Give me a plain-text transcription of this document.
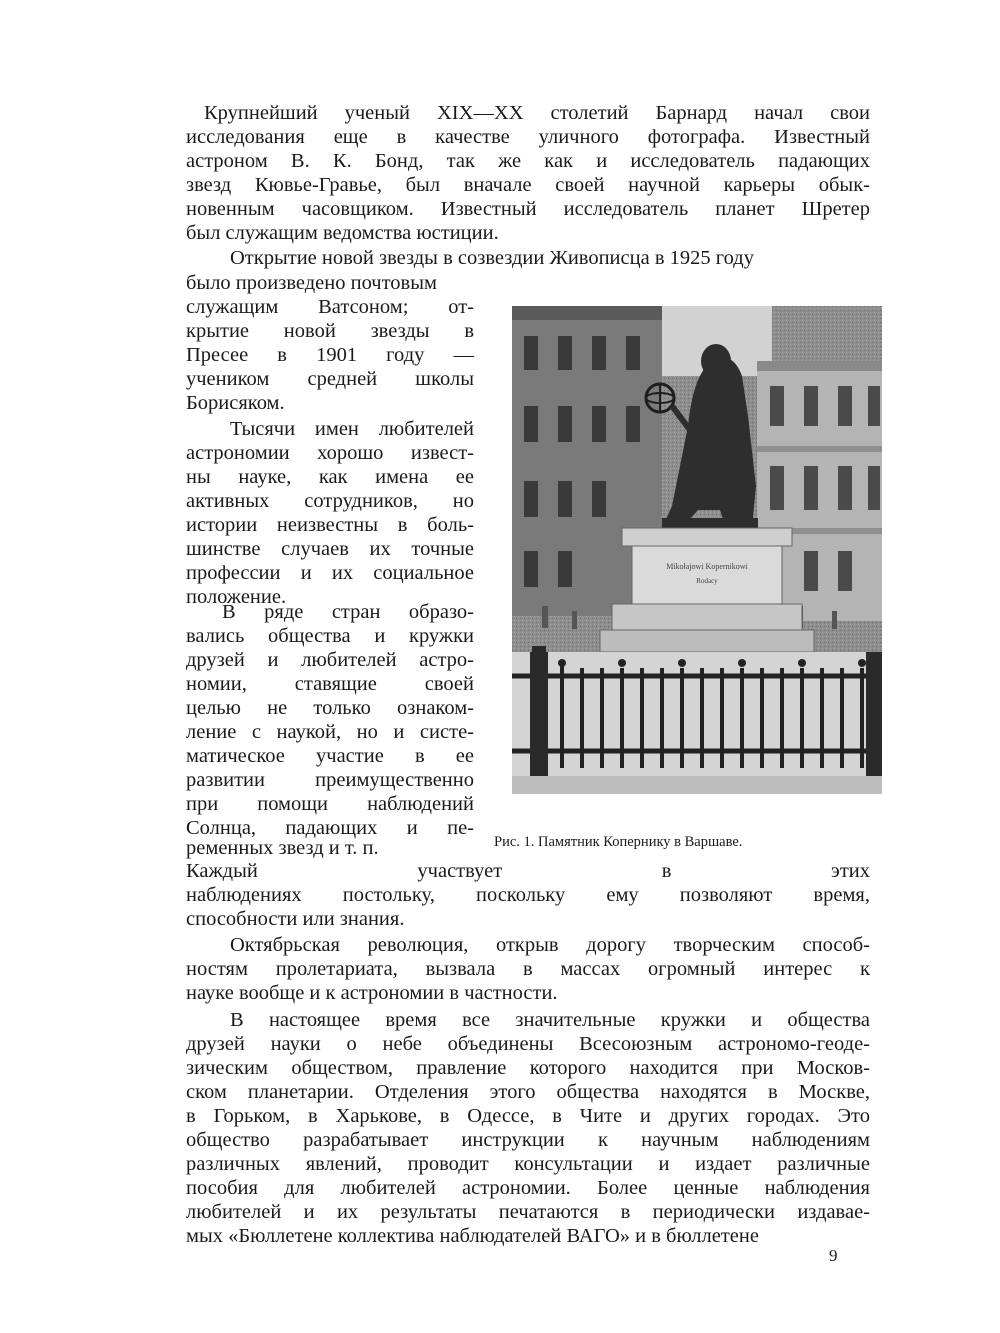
Крупнейший ученый XIX—XX столетий Барнард начал свои
исследования еще в качестве уличного фотографа. Известный
астроном В. К. Бонд, так же как и исследователь падающих
звезд Кювье-Гравье, был вначале своей научной карьеры обык-
новенным часовщиком. Известный исследователь планет Шретер
был служащим ведомства юстиции.
Открытие новой звезды в созвездии Живописца в 1925 году
было произведено почтовым
служащим Ватсоном; от-
крытие новой звезды в
Пресее в 1901 году —
учеником средней школы
Борисяком.
Тысячи имен любителей
астрономии хорошо извест-
ны науке, как имена ее
активных сотрудников, но
истории неизвестны в боль-
шинстве случаев их точные
профессии и их социальное
положение.
В ряде стран образо-
вались общества и кружки
друзей и любителей астро-
номии, ставящие своей
целью не только ознаком-
ление с наукой, но и систе-
матическое участие в ее
развитии преимущественно
при помощи наблюдений
Солнца, падающих и пе-
ременных звезд и т. п.
Каждый участвует в этих
наблюдениях постольку, поскольку ему позволяют время,
способности или знания.
Октябрьская революция, открыв дорогу творческим способ-
ностям пролетариата, вызвала в массах огромный интерес к
науке вообще и к астрономии в частности.
В настоящее время все значительные кружки и общества
друзей науки о небе объединены Всесоюзным астрономо-геоде-
зическим обществом, правление которого находится при Москов-
ском планетарии. Отделения этого общества находятся в Москве,
в Горьком, в Харькове, в Одессе, в Чите и других городах. Это
общество разрабатывает инструкции к научным наблюдениям
различных явлений, проводит консультации и издает различные
пособия для любителей астрономии. Более ценные наблюдения
любителей и их результаты печатаются в периодически издавае-
мых «Бюллетене коллектива наблюдателей ВАГО» и в бюллетене
Mikołajowi Kopernikowi
Rodacy
Рис. 1. Памятник Копернику в Варшаве.
9
